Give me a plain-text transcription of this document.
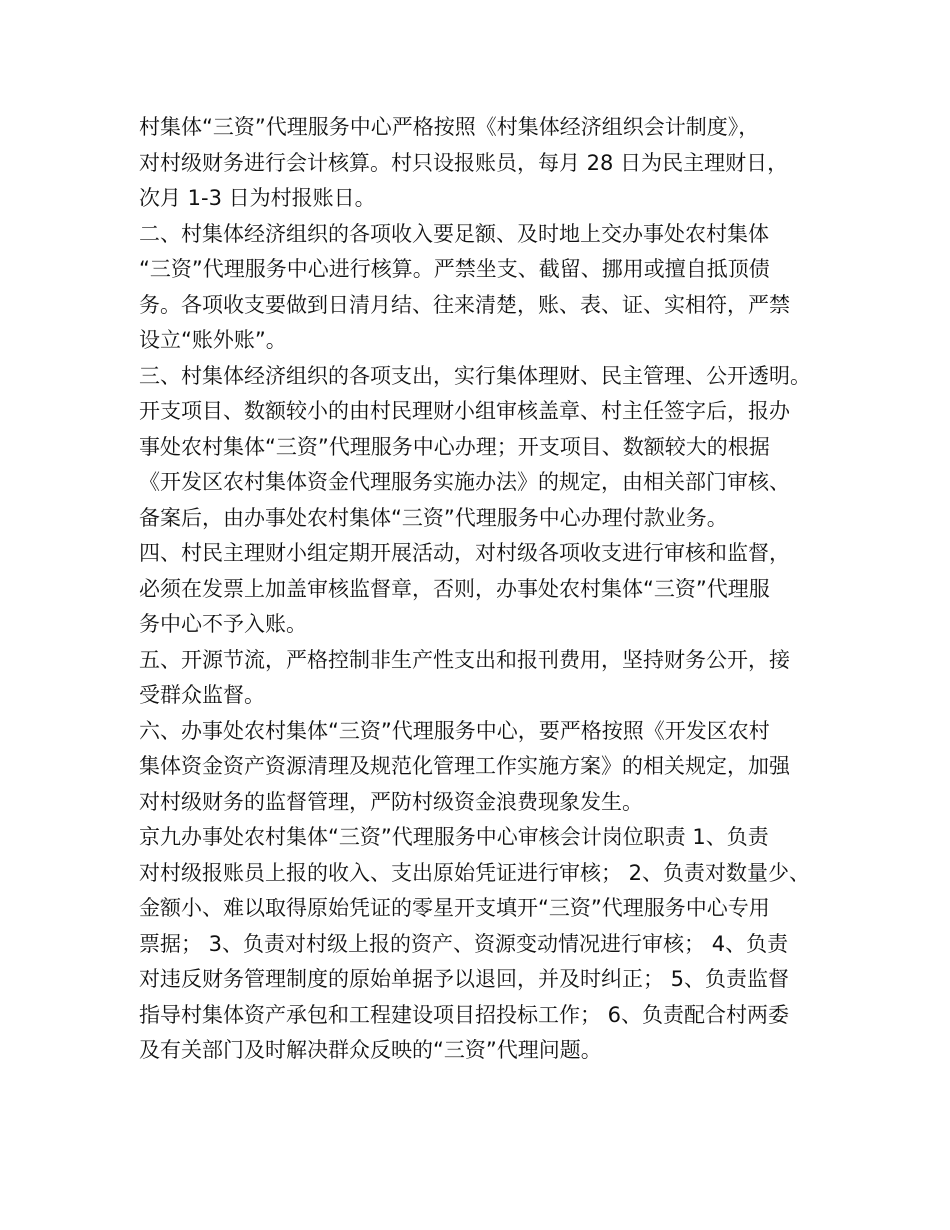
村集体“三资”代理服务中心严格按照《村集体经济组织会计制度》，
对村级财务进行会计核算。村只设报账员，每月 28 日为民主理财日，
次月 1-3 日为村报账日。
二、村集体经济组织的各项收入要足额、及时地上交办事处农村集体
“三资”代理服务中心进行核算。严禁坐支、截留、挪用或擅自抵顶债
务。各项收支要做到日清月结、往来清楚，账、表、证、实相符，严禁
设立“账外账”。
三、村集体经济组织的各项支出，实行集体理财、民主管理、公开透明。
开支项目、数额较小的由村民理财小组审核盖章、村主任签字后，报办
事处农村集体“三资”代理服务中心办理；开支项目、数额较大的根据
《开发区农村集体资金代理服务实施办法》的规定，由相关部门审核、
备案后，由办事处农村集体“三资”代理服务中心办理付款业务。
四、村民主理财小组定期开展活动，对村级各项收支进行审核和监督，
必须在发票上加盖审核监督章，否则，办事处农村集体“三资”代理服
务中心不予入账。
五、开源节流，严格控制非生产性支出和报刊费用，坚持财务公开，接
受群众监督。
六、办事处农村集体“三资”代理服务中心，要严格按照《开发区农村
集体资金资产资源清理及规范化管理工作实施方案》的相关规定，加强
对村级财务的监督管理，严防村级资金浪费现象发生。
京九办事处农村集体“三资”代理服务中心审核会计岗位职责 1、负责
对村级报账员上报的收入、支出原始凭证进行审核； 2、负责对数量少、
金额小、难以取得原始凭证的零星开支填开“三资”代理服务中心专用
票据； 3、负责对村级上报的资产、资源变动情况进行审核； 4、负责
对违反财务管理制度的原始单据予以退回，并及时纠正； 5、负责监督
指导村集体资产承包和工程建设项目招投标工作； 6、负责配合村两委
及有关部门及时解决群众反映的“三资”代理问题。
